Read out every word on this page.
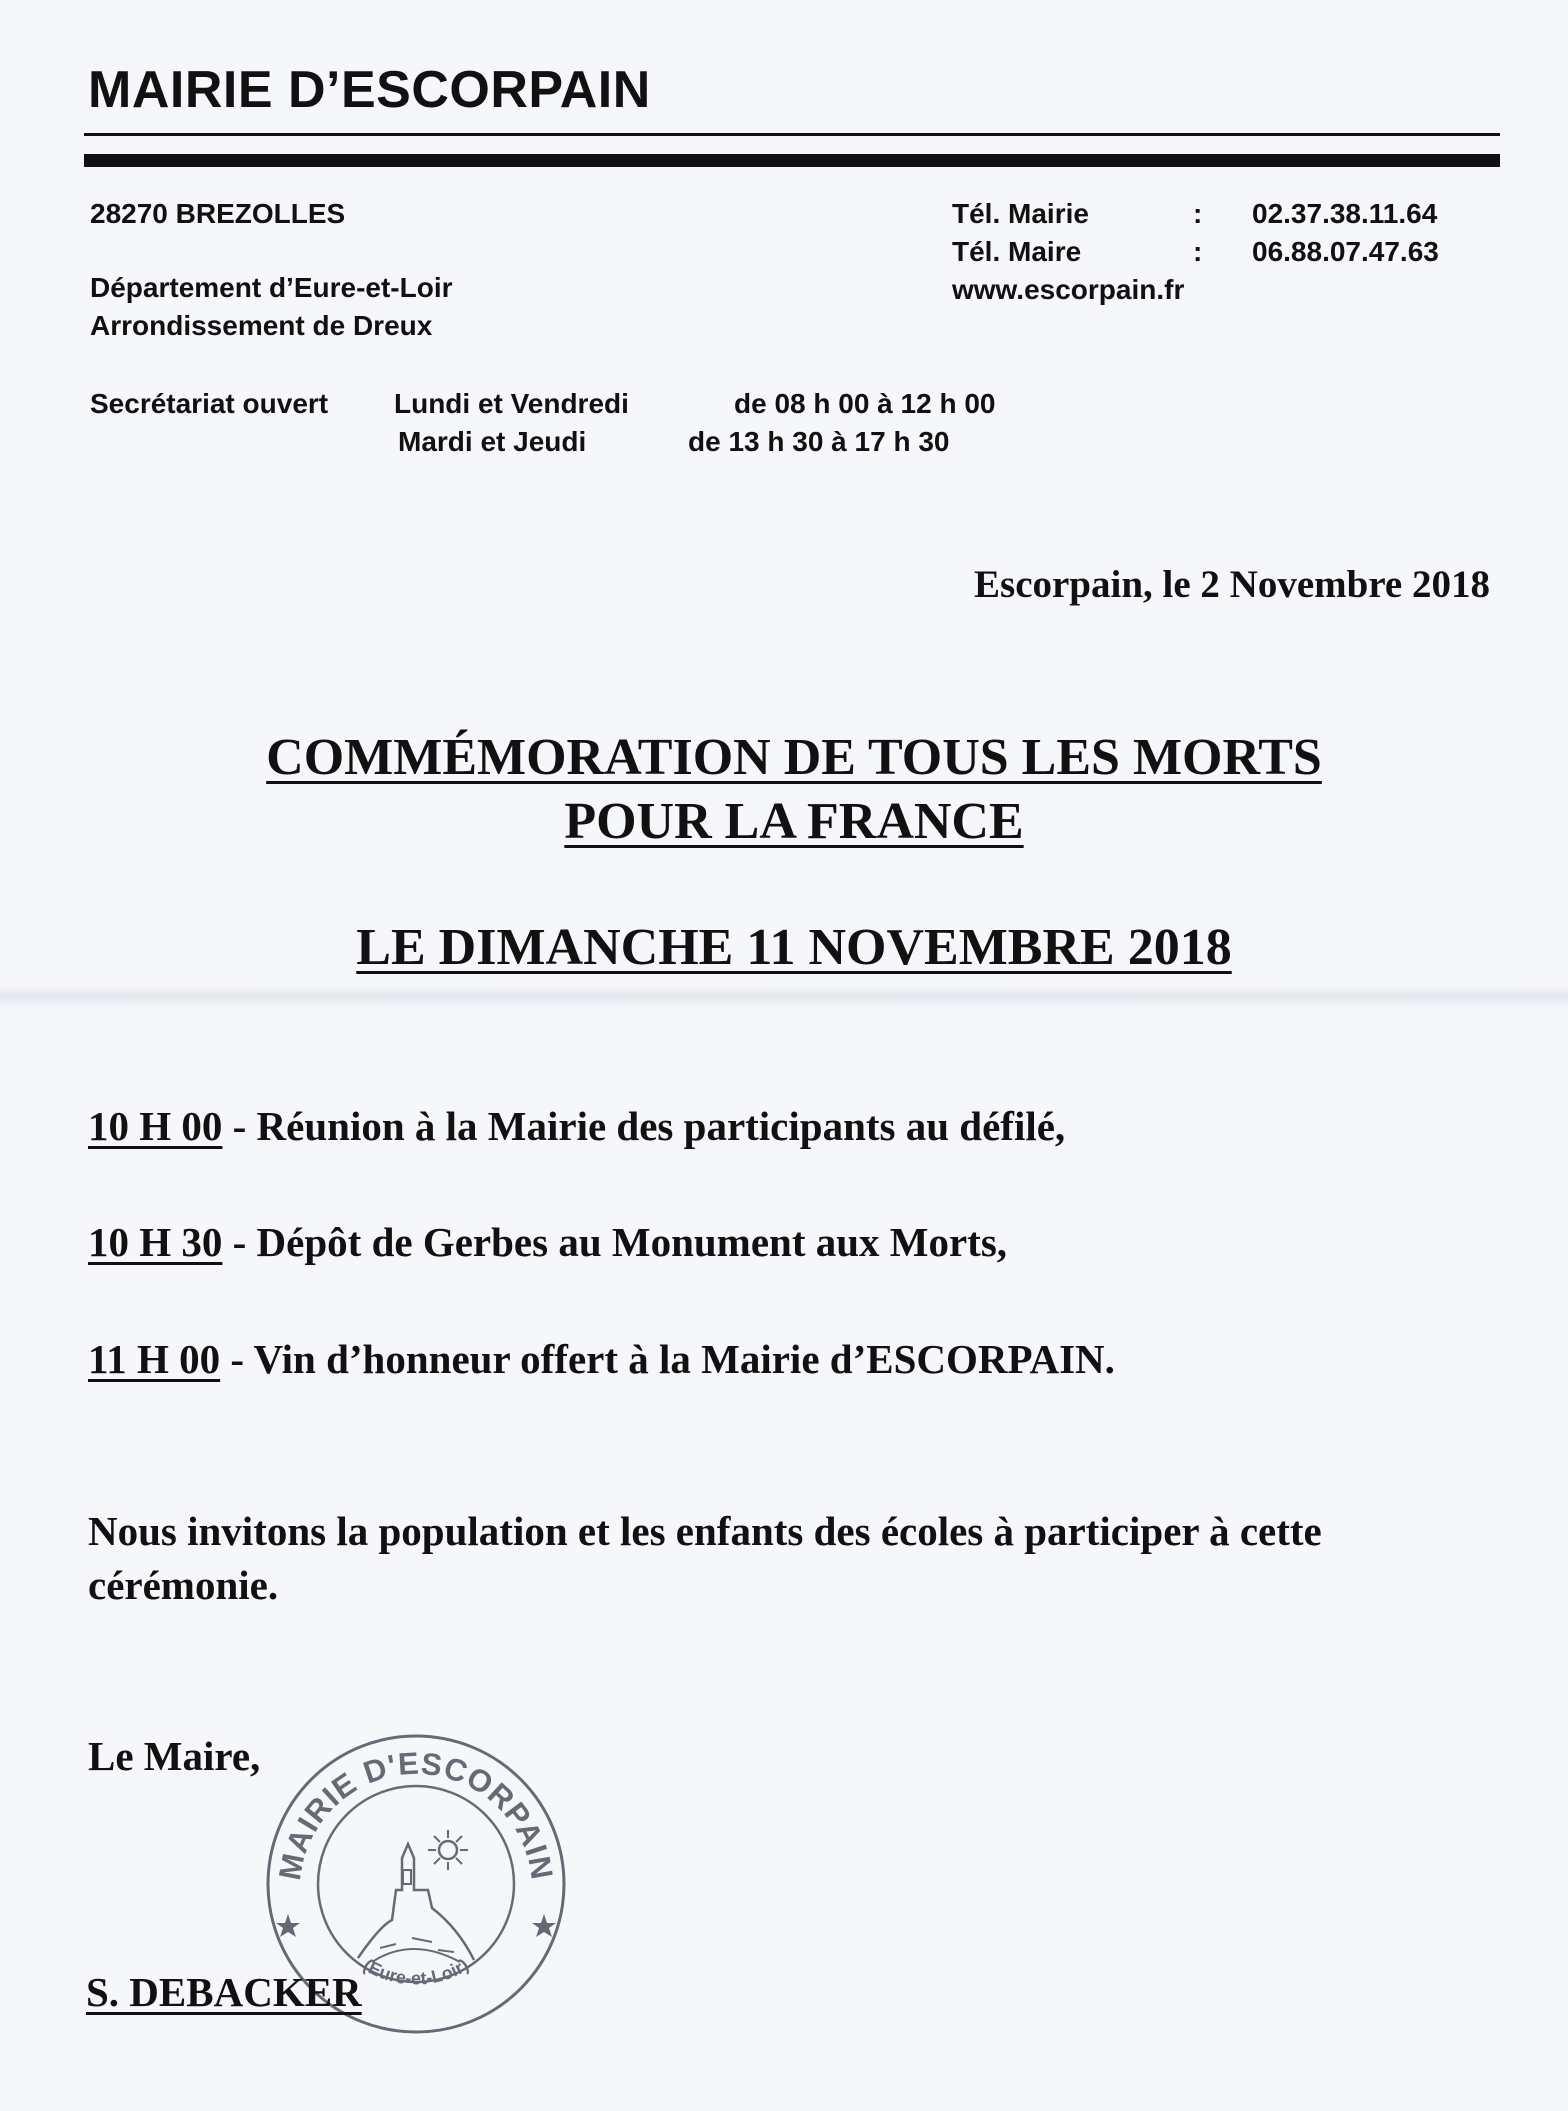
MAIRIE D’ESCORPAIN
28270 BREZOLLES
Département d’Eure-et-Loir
Arrondissement de Dreux
Secrétariat ouvert Lundi et Vendredi	de 08 h 00 à 12 h 00
Mardi et Jeudi	de 13 h 30 à 17 h 30
Tél. Mairie	: 02.37.38.11.64
Tél. Maire	: 06.88.07.47.63
www.escorpain.fr
Escorpain, le 2 Novembre 2018
COMMÉMORATION DE TOUS LES MORTS
POUR LA FRANCE
LE DIMANCHE 11 NOVEMBRE 2018
10 H 00 - Réunion à la Mairie des participants au défilé,
10 H 30 - Dépôt de Gerbes au Monument aux Morts,
11 H 00 - Vin d’honneur offert à la Mairie d’ESCORPAIN.
Nous invitons la population et les enfants des écoles à participer à cette cérémonie.
Le Maire,
MAIRIE D'ESCORPAIN
(Eure-et-Loir)
S. DEBACKER
